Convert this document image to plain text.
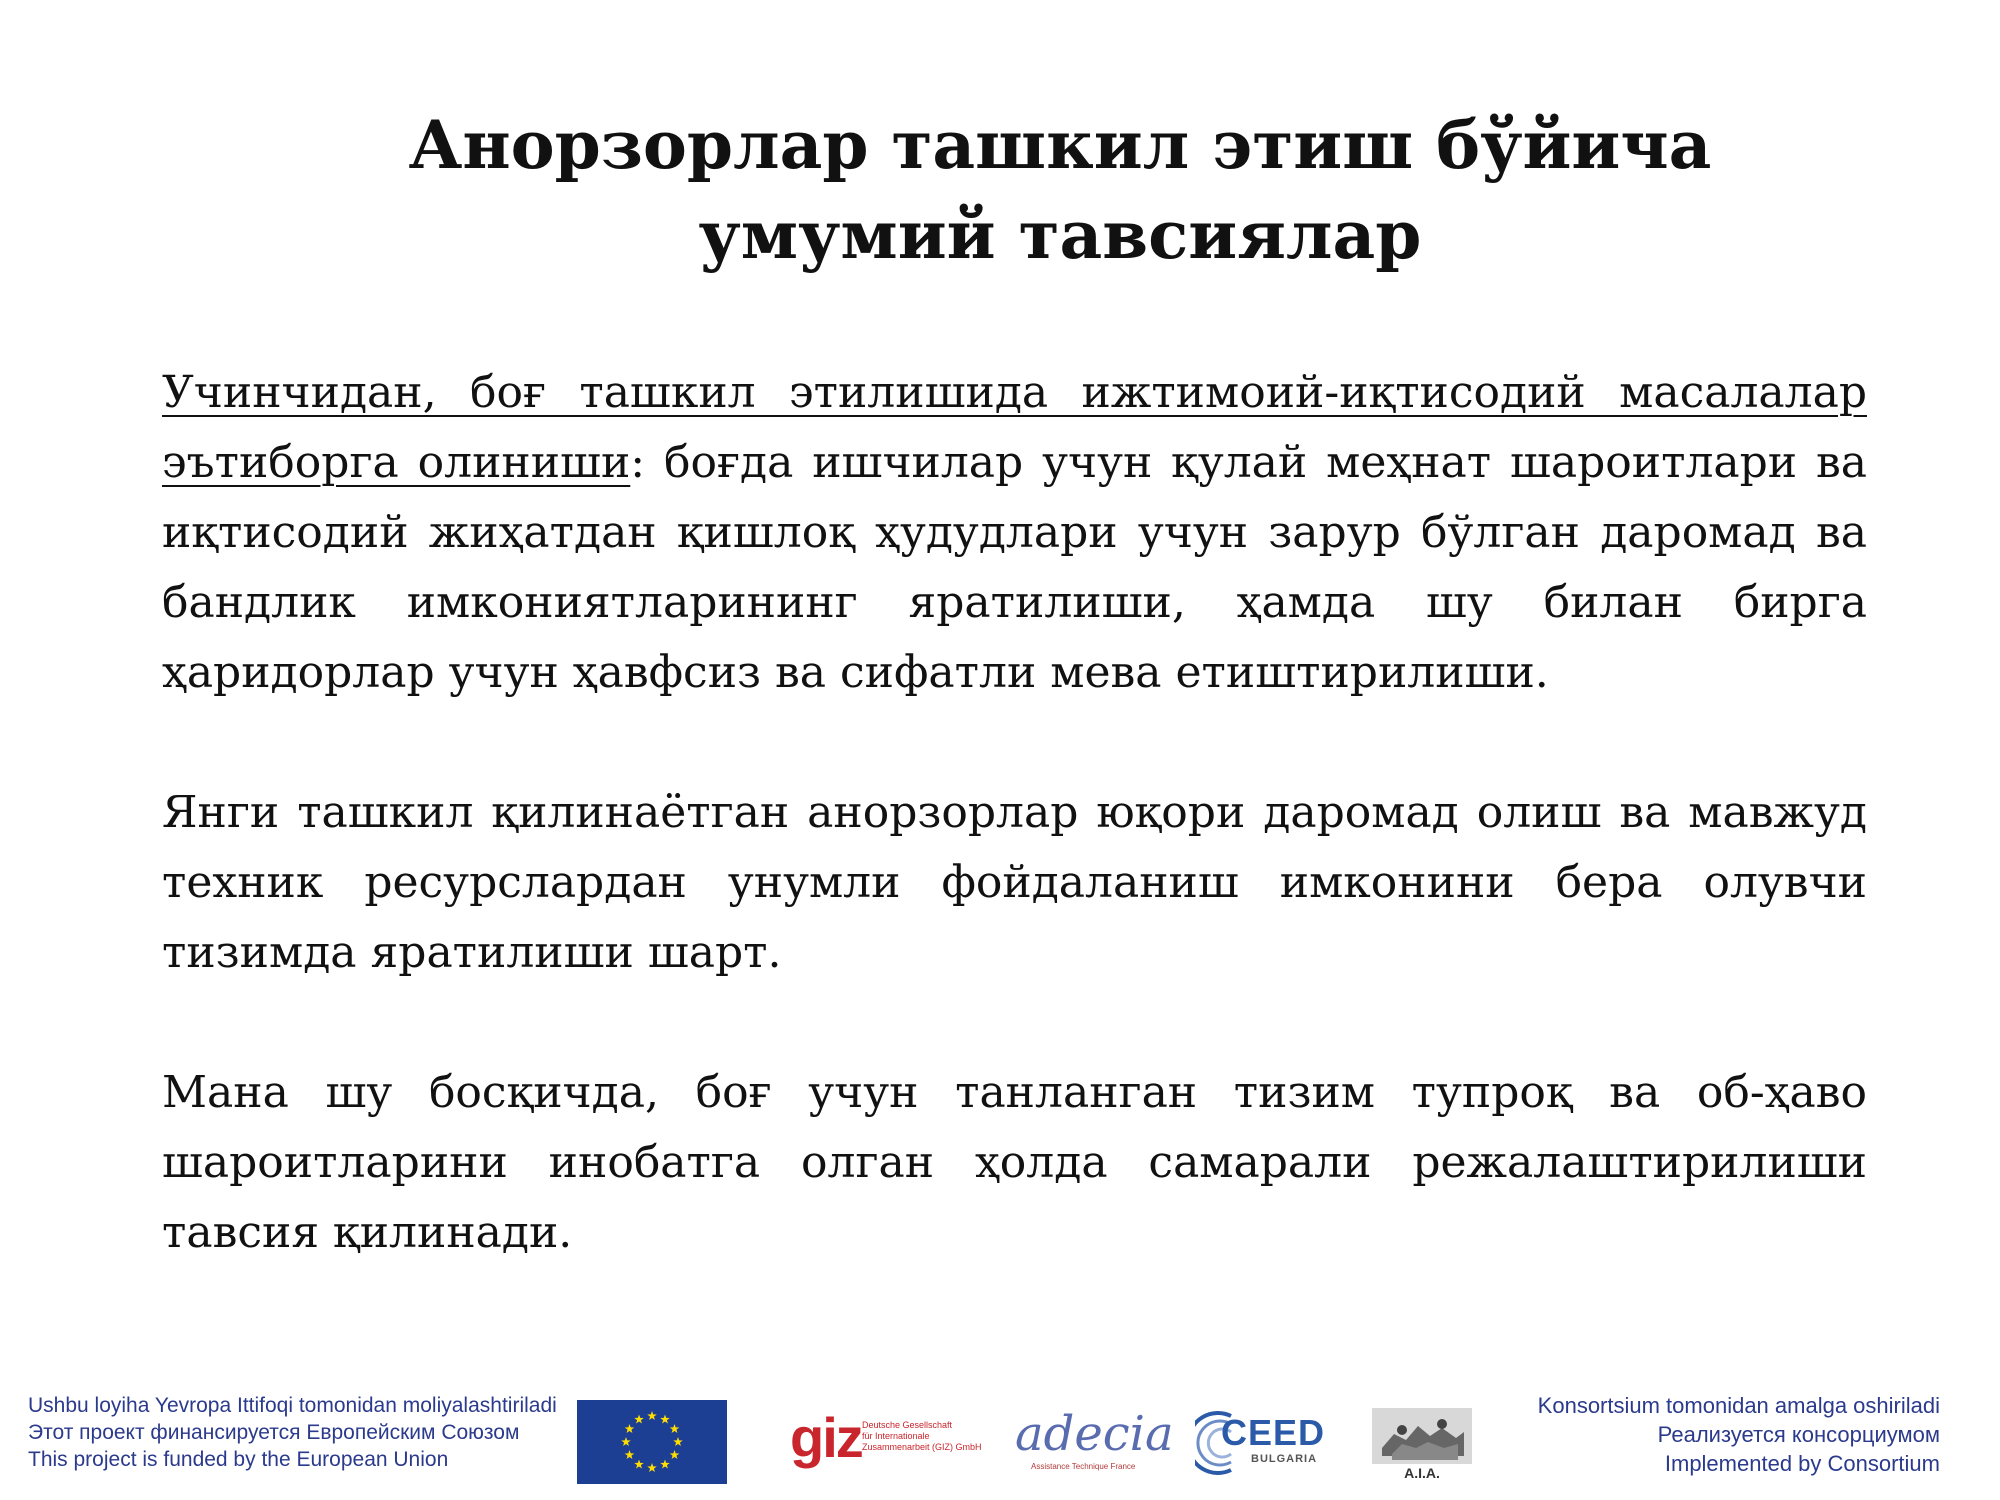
Анорзорлар ташкил этиш бўйича
умумий тавсиялар

Учинчидан, боғ ташкил этилишида ижтимоий-иқтисодий масалалар эътиборга олиниши: боғда ишчилар учун қулай меҳнат шароитлари ва иқтисодий жиҳатдан қишлоқ ҳудудлари учун зарур бўлган даромад ва бандлик имкониятларининг яратилиши, ҳамда шу билан бирга ҳаридорлар учун ҳавфсиз ва сифатли мева етиштирилиши.

Янги ташкил қилинаётган анорзорлар юқори даромад олиш ва мавжуд техник ресурслардан унумли фойдаланиш имконини бера олувчи тизимда яратилиши шарт.

Мана шу босқичда, боғ учун танланган тизим тупроқ ва об-ҳаво шароитларини инобатга олган ҳолда самарали режалаштирилиши тавсия қилинади.

Ushbu loyiha Yevropa Ittifoqi tomonidan moliyalashtiriladi
Этот проект финансируется Европейским Союзом
This project is funded by the European Union	giz Deutsche Gesellschaft
für Internationale
Zusammenarbeit (GIZ) GmbH adecia
Assistance Technique France
CEED
BULGARIA
A.I.A.
Konsortsium tomonidan amalga oshiriladi
Реализуется консорциумом
Implemented by Consortium
